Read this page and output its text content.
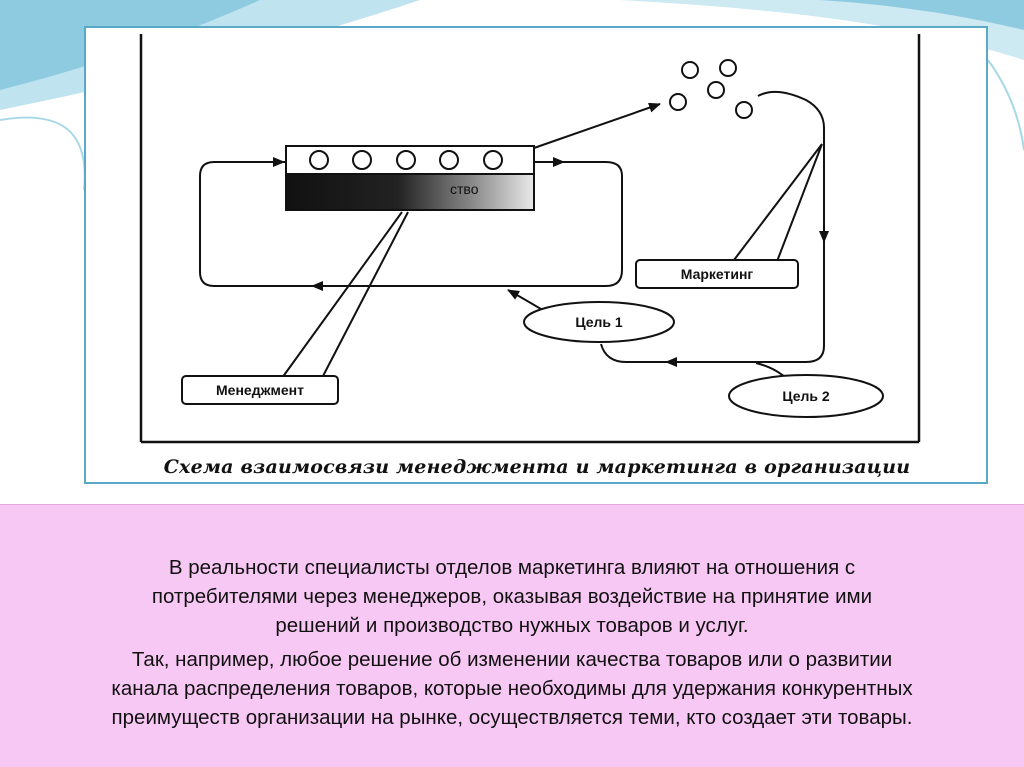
ство
Маркетинг
Менеджмент
Цель 1
Цель 2
Схема взаимосвязи менеджмента и маркетинга в организации

В реальности специалисты отделов маркетинга влияют на отношения с

потребителями через менеджеров, оказывая воздействие на принятие ими

решений и производство нужных товаров и услуг.

Так, например, любое решение об изменении качества товаров или о развитии

канала распределения товаров, которые необходимы для удержания конкурентных

преимуществ организации на рынке, осуществляется теми, кто создает эти товары.
